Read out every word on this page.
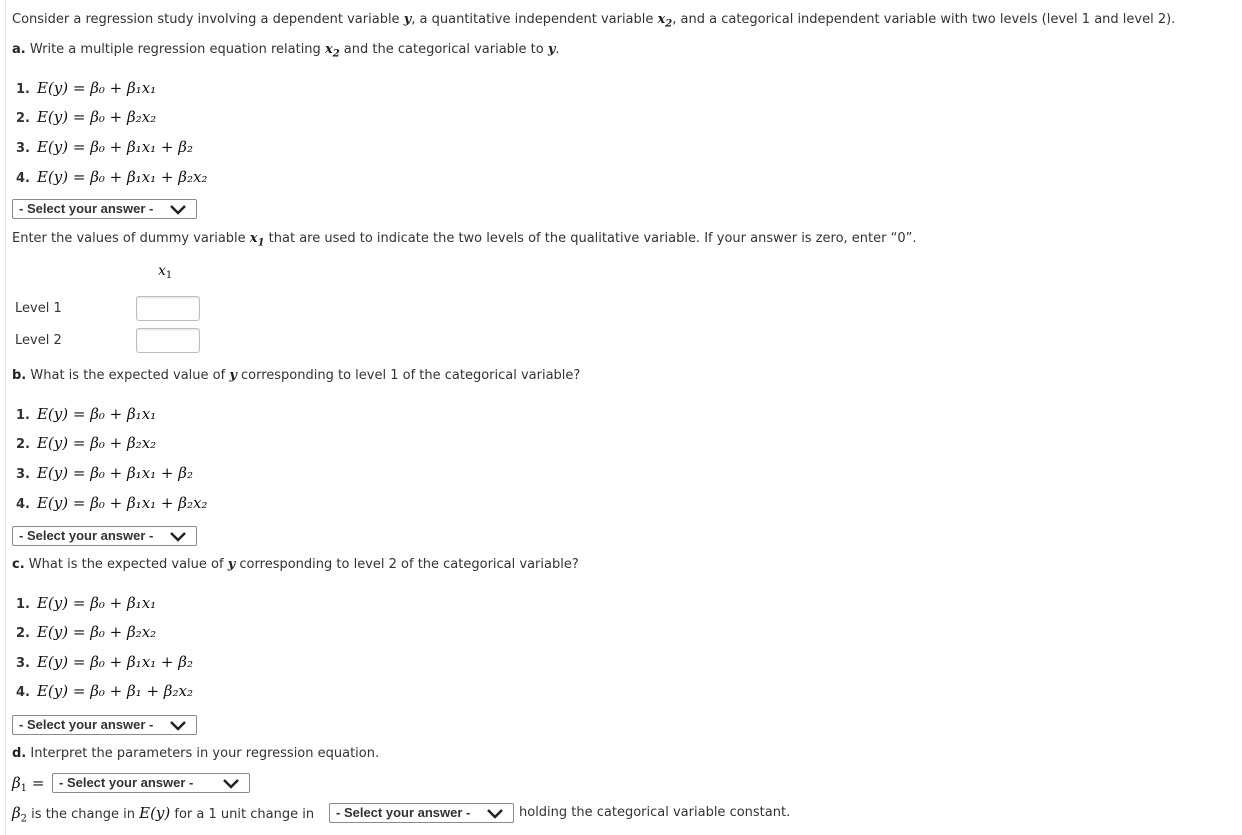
Consider a regression study involving a dependent variable y, a quantitative independent variable $x_2$, and a categorical independent variable with two levels (level 1 and level 2).
a. Write a multiple regression equation relating $x_2$ and the categorical variable to y.
1. E(y) = β₀ + β₁x₁
2. E(y) = β₀ + β₂x₂
3. E(y) = β₀ + β₁x₁ + β₂
4. E(y) = β₀ + β₁x₁ + β₂x₂
- Select your answer -
Enter the values of dummy variable $x_1$ that are used to indicate the two levels of the qualitative variable. If your answer is zero, enter “0”.
$x_1$
Level 1
Level 2
b. What is the expected value of y corresponding to level 1 of the categorical variable?
1. E(y) = β₀ + β₁x₁
2. E(y) = β₀ + β₂x₂
3. E(y) = β₀ + β₁x₁ + β₂
4. E(y) = β₀ + β₁x₁ + β₂x₂
- Select your answer -
c. What is the expected value of y corresponding to level 2 of the categorical variable?
1. E(y) = β₀ + β₁x₁
2. E(y) = β₀ + β₂x₂
3. E(y) = β₀ + β₁x₁ + β₂
4. E(y) = β₀ + β₁ + β₂x₂
- Select your answer -
d. Interpret the parameters in your regression equation.
$\beta_1$ =	- Select your answer -
$\beta_2$ is the change in E(y) for a 1 unit change in	- Select your answer -	holding the categorical variable constant.
